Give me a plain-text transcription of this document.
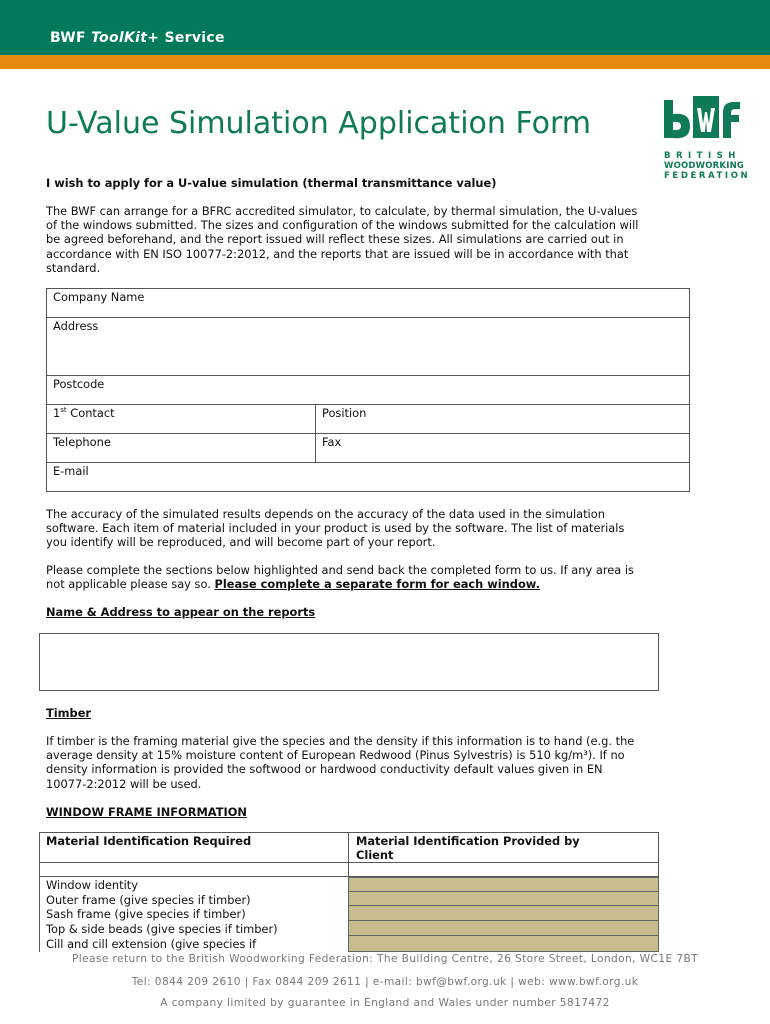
BWF ToolKit+ Service
U-Value Simulation Application Form
BRITISH
WOODWORKING
FEDERATION
I wish to apply for a U-value simulation (thermal transmittance value)
The BWF can arrange for a BFRC accredited simulator, to calculate, by thermal simulation, the U-values
of the windows submitted. The sizes and configuration of the windows submitted for the calculation will
be agreed beforehand, and the report issued will reflect these sizes. All simulations are carried out in
accordance with EN ISO 10077-2:2012, and the reports that are issued will be in accordance with that
standard.
Company Name
Address
Postcode
1st Contact	Position
Telephone	Fax
E-mail
The accuracy of the simulated results depends on the accuracy of the data used in the simulation
software. Each item of material included in your product is used by the software. The list of materials
you identify will be reproduced, and will become part of your report.
Please complete the sections below highlighted and send back the completed form to us. If any area is
not applicable please say so. Please complete a separate form for each window.
Name & Address to appear on the reports
Timber
If timber is the framing material give the species and the density if this information is to hand (e.g. the
average density at 15% moisture content of European Redwood (Pinus Sylvestris) is 510 kg/m³). If no
density information is provided the softwood or hardwood conductivity default values given in EN
10077-2:2012 will be used.
WINDOW FRAME INFORMATION
Material Identification Required	Material Identification Provided by
Client
Window identity
Outer frame (give species if timber)
Sash frame (give species if timber)
Top & side beads (give species if timber)
Cill and cill extension (give species if
Please return to the British Woodworking Federation: The Building Centre, 26 Store Street, London, WC1E 7BT
Tel: 0844 209 2610 | Fax 0844 209 2611 | e-mail: bwf@bwf.org.uk | web: www.bwf.org.uk
A company limited by guarantee in England and Wales under number 5817472
